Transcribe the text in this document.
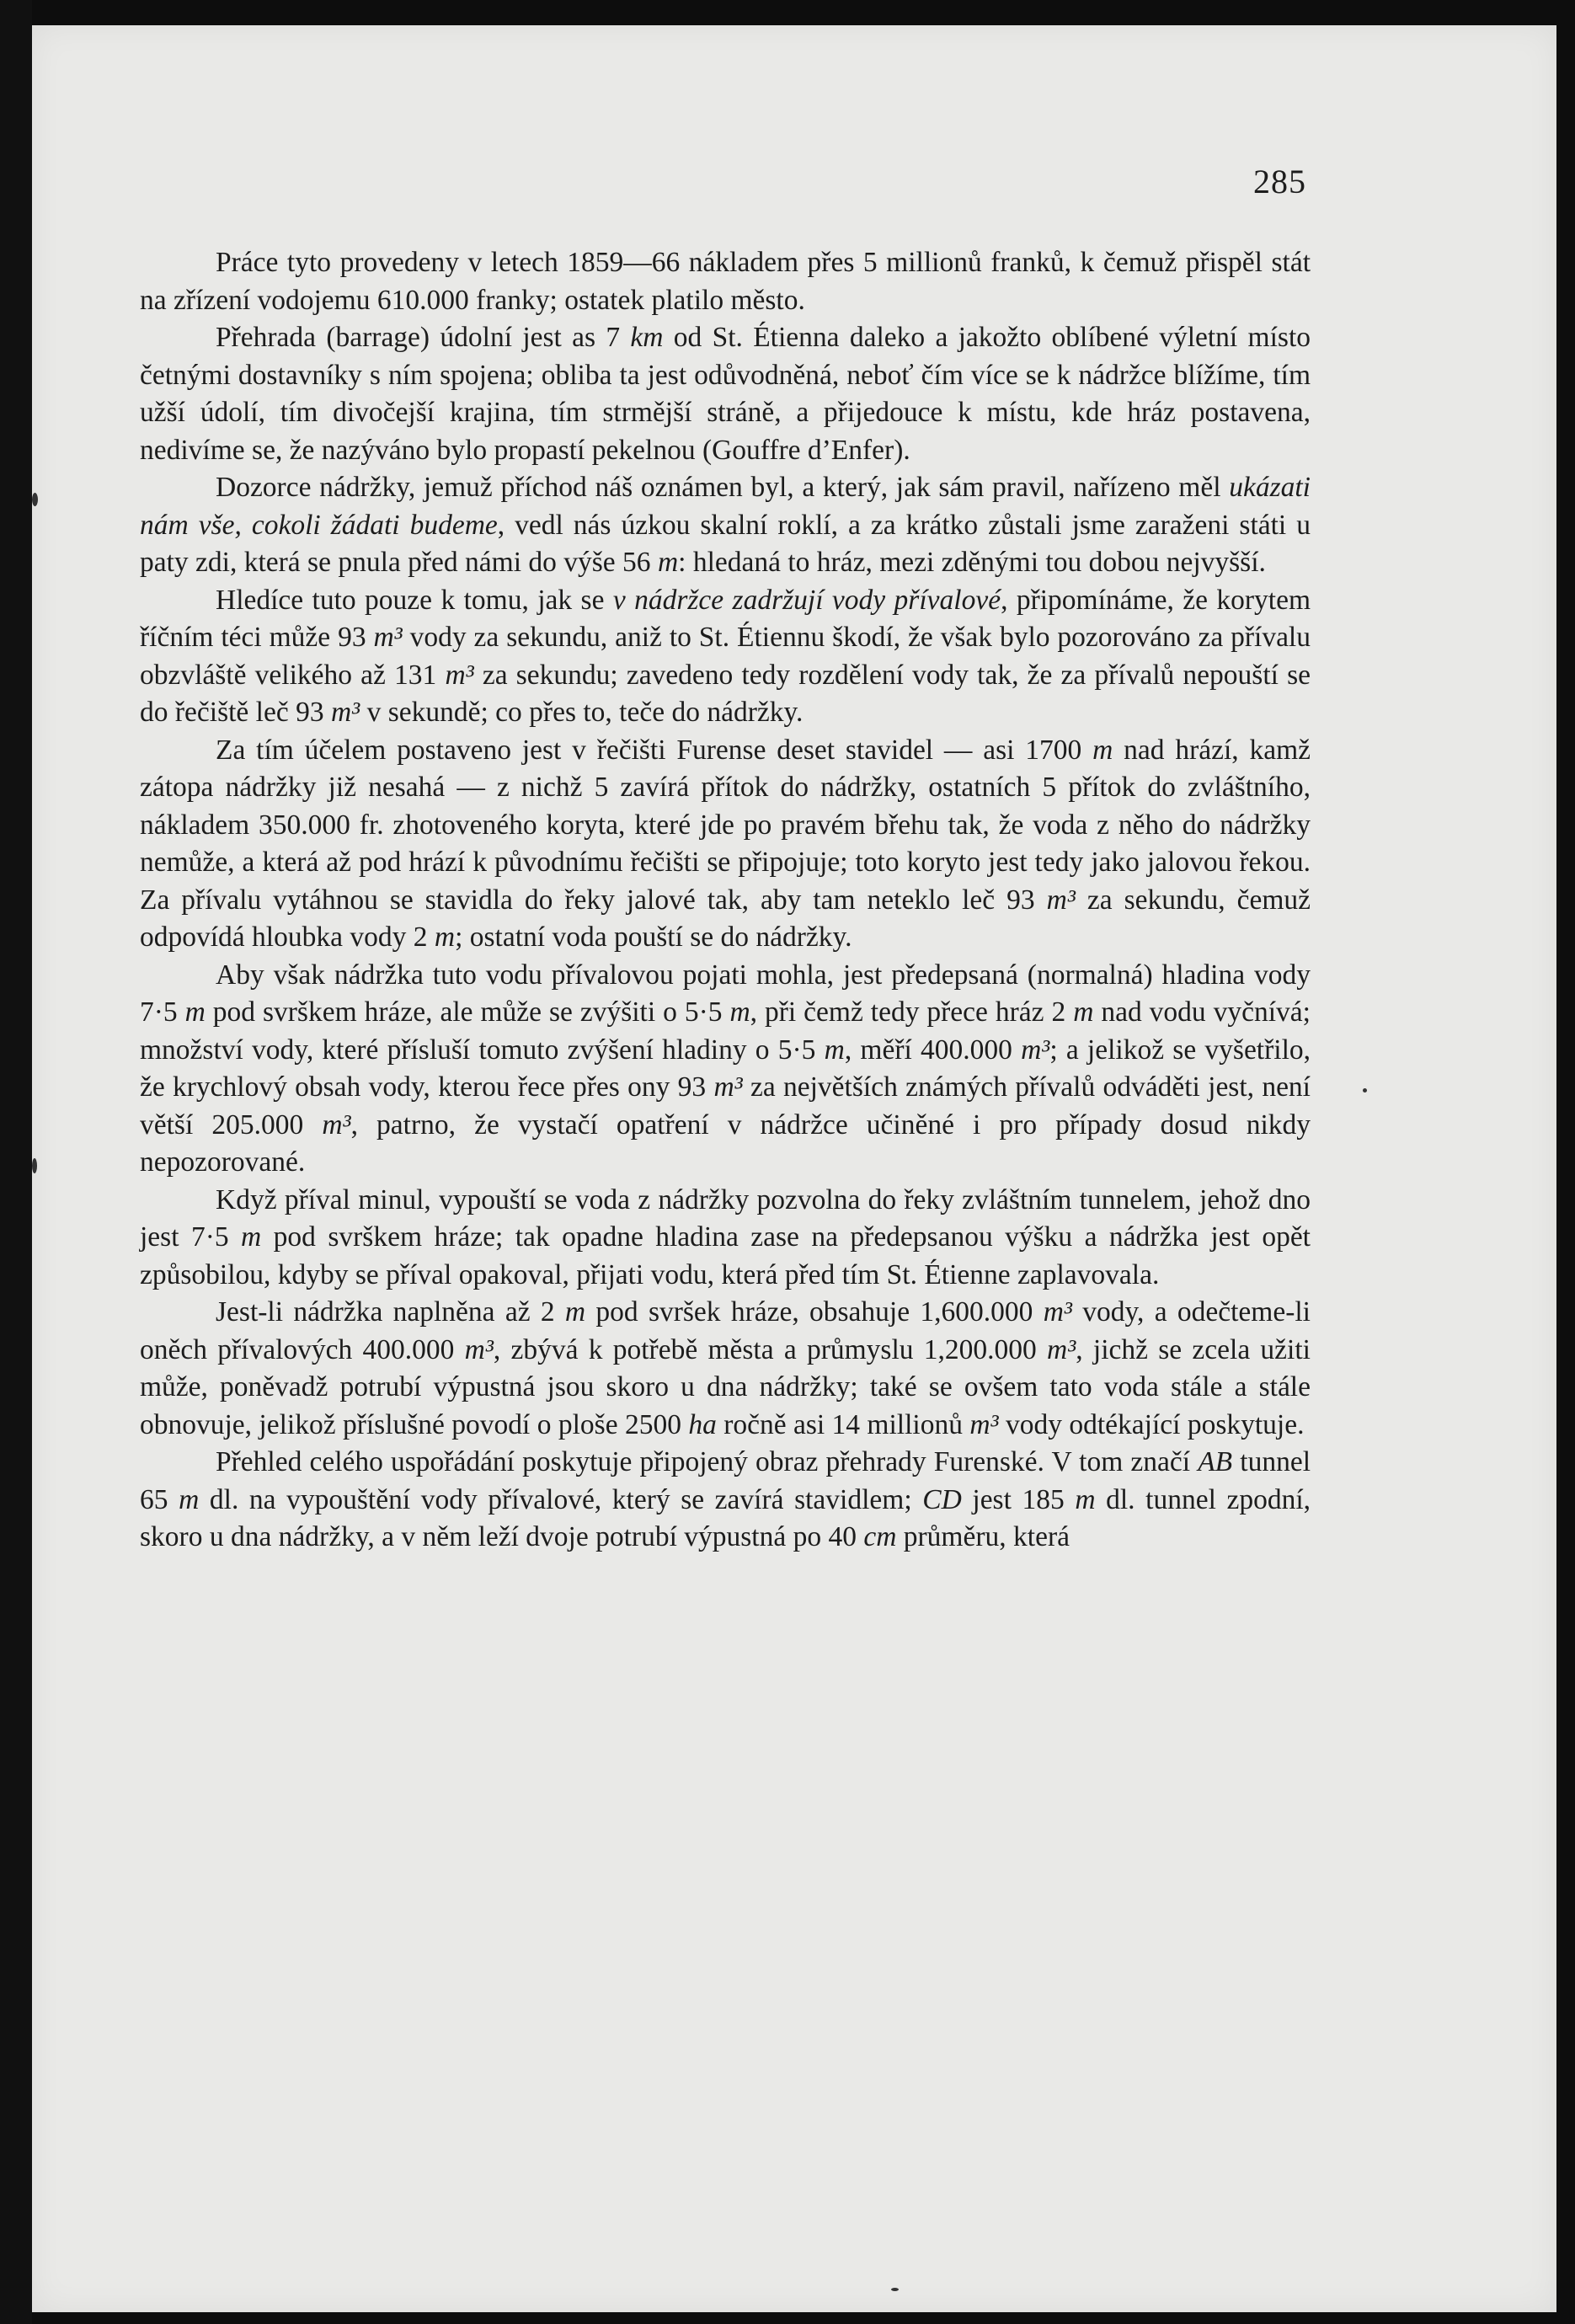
285

Práce tyto provedeny v letech 1859—66 nákladem přes 5 millionů franků, k čemuž přispěl stát na zřízení vodojemu 610.000 franky; ostatek platilo město.

Přehrada (barrage) údolní jest as 7 km od St. Étienna daleko a jakožto oblíbené výletní místo četnými dostavníky s ním spojena; obliba ta jest odůvodněná, neboť čím více se k nádržce blížíme, tím užší údolí, tím divočejší krajina, tím strmější stráně, a přijedouce k místu, kde hráz postavena, nedivíme se, že nazýváno bylo propastí pekelnou (Gouffre d’Enfer).

Dozorce nádržky, jemuž příchod náš oznámen byl, a který, jak sám pravil, nařízeno měl ukázati nám vše, cokoli žádati budeme, vedl nás úzkou skalní roklí, a za krátko zůstali jsme zaraženi státi u paty zdi, která se pnula před námi do výše 56 m: hledaná to hráz, mezi zděnými tou dobou nejvyšší.

Hledíce tuto pouze k tomu, jak se v nádržce zadržují vody přívalové, připomínáme, že korytem říčním téci může 93 m³ vody za sekundu, aniž to St. Étiennu škodí, že však bylo pozorováno za přívalu obzvláště velikého až 131 m³ za sekundu; zavedeno tedy rozdělení vody tak, že za přívalů nepouští se do řečiště leč 93 m³ v sekundě; co přes to, teče do nádržky.

Za tím účelem postaveno jest v řečišti Furense deset stavidel — asi 1700 m nad hrází, kamž zátopa nádržky již nesahá — z nichž 5 zavírá přítok do nádržky, ostatních 5 přítok do zvláštního, nákladem 350.000 fr. zhotoveného koryta, které jde po pravém břehu tak, že voda z něho do nádržky nemůže, a která až pod hrází k původnímu řečišti se připojuje; toto koryto jest tedy jako jalovou řekou. Za přívalu vytáhnou se stavidla do řeky jalové tak, aby tam neteklo leč 93 m³ za sekundu, čemuž odpovídá hloubka vody 2 m; ostatní voda pouští se do nádržky.

Aby však nádržka tuto vodu přívalovou pojati mohla, jest předepsaná (normalná) hladina vody 7·5 m pod svrškem hráze, ale může se zvýšiti o 5·5 m, při čemž tedy přece hráz 2 m nad vodu vyčnívá; množství vody, které přísluší tomuto zvýšení hladiny o 5·5 m, měří 400.000 m³; a jelikož se vyšetřilo, že krychlový obsah vody, kterou řece přes ony 93 m³ za největších známých přívalů odváděti jest, není větší 205.000 m³, patrno, že vystačí opatření v nádržce učiněné i pro případy dosud nikdy nepozorované.

Když příval minul, vypouští se voda z nádržky pozvolna do řeky zvláštním tunnelem, jehož dno jest 7·5 m pod svrškem hráze; tak opadne hladina zase na předepsanou výšku a nádržka jest opět způsobilou, kdyby se příval opakoval, přijati vodu, která před tím St. Étienne zaplavovala.

Jest-li nádržka naplněna až 2 m pod svršek hráze, obsahuje 1,600.000 m³ vody, a odečteme-li oněch přívalových 400.000 m³, zbývá k potřebě města a průmyslu 1,200.000 m³, jichž se zcela užiti může, poněvadž potrubí výpustná jsou skoro u dna nádržky; také se ovšem tato voda stále a stále obnovuje, jelikož příslušné povodí o ploše 2500 ha ročně asi 14 millionů m³ vody odtékající poskytuje.

Přehled celého uspořádání poskytuje připojený obraz přehrady Furenské. V tom značí AB tunnel 65 m dl. na vypouštění vody přívalové, který se zavírá stavidlem; CD jest 185 m dl. tunnel zpodní, skoro u dna nádržky, a v něm leží dvoje potrubí výpustná po 40 cm průměru, která
